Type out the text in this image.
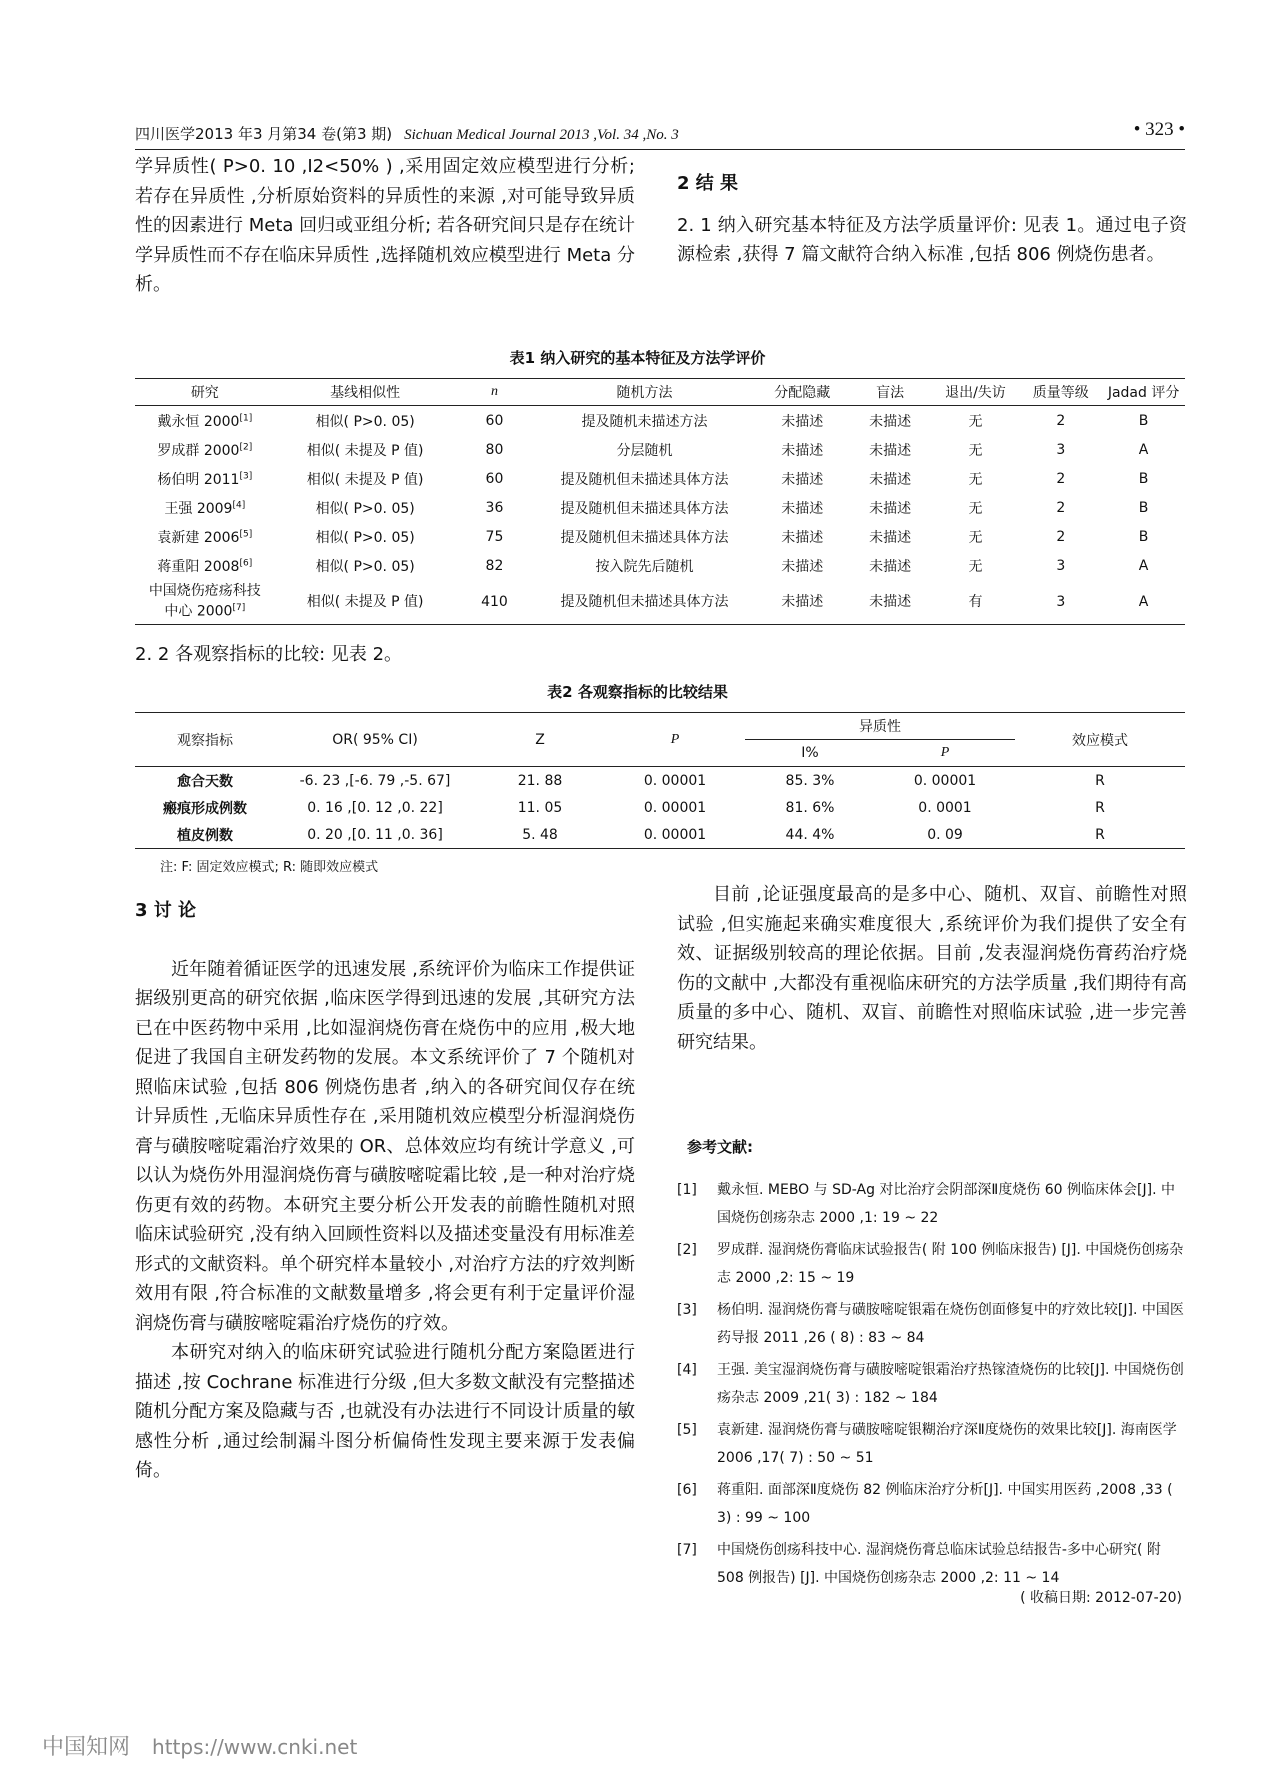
四川医学2013 年3 月第34 卷(第3 期) Sichuan Medical Journal 2013 ,Vol. 34 ,No. 3	• 323 •

学异质性( P>0. 10 ,I2<50% ) ,采用固定效应模型进行分析; 若存在异质性 ,分析原始资料的异质性的来源 ,对可能导致异质性的因素进行 Meta 回归或亚组分析; 若各研究间只是存在统计学异质性而不存在临床异质性 ,选择随机效应模型进行 Meta 分析。

2 结 果

2. 1 纳入研究基本特征及方法学质量评价: 见表 1。通过电子资源检索 ,获得 7 篇文献符合纳入标准 ,包括 806 例烧伤患者。

表1 纳入研究的基本特征及方法学评价
研究	基线相似性	n	随机方法	分配隐藏	盲法	退出/失访	质量等级	Jadad 评分
戴永恒 2000[1]	相似( P>0. 05)	60	提及随机未描述方法	未描述	未描述	无	2	B
罗成群 2000[2]	相似( 未提及 P 值)	80	分层随机	未描述	未描述	无	3	A
杨伯明 2011[3]	相似( 未提及 P 值)	60	提及随机但未描述具体方法	未描述	未描述	无	2	B
王强 2009[4]	相似( P>0. 05)	36	提及随机但未描述具体方法	未描述	未描述	无	2	B
袁新建 2006[5]	相似( P>0. 05)	75	提及随机但未描述具体方法	未描述	未描述	无	2	B
蒋重阳 2008[6]	相似( P>0. 05)	82	按入院先后随机	未描述	未描述	无	3	A
中国烧伤疮疡科技
中心 2000[7]	相似( 未提及 P 值)	410	提及随机但未描述具体方法	未描述	未描述	有	3	A

2. 2 各观察指标的比较: 见表 2。

表2 各观察指标的比较结果
观察指标	OR( 95% CI)	Z	P	异质性		效应模式
				I%	P	
愈合天数	-6. 23 ,[-6. 79 ,-5. 67]	21. 88	0. 00001	85. 3%	0. 00001	R
瘢痕形成例数	0. 16 ,[0. 12 ,0. 22]	11. 05	0. 00001	81. 6%	0. 0001	R
植皮例数	0. 20 ,[0. 11 ,0. 36]	5. 48	0. 00001	44. 4%	0. 09	R
注: F: 固定效应模式; R: 随即效应模式

3 讨 论

近年随着循证医学的迅速发展 ,系统评价为临床工作提供证据级别更高的研究依据 ,临床医学得到迅速的发展 ,其研究方法已在中医药物中采用 ,比如湿润烧伤膏在烧伤中的应用 ,极大地促进了我国自主研发药物的发展。本文系统评价了 7 个随机对照临床试验 ,包括 806 例烧伤患者 ,纳入的各研究间仅存在统计异质性 ,无临床异质性存在 ,采用随机效应模型分析湿润烧伤膏与磺胺嘧啶霜治疗效果的 OR、总体效应均有统计学意义 ,可以认为烧伤外用湿润烧伤膏与磺胺嘧啶霜比较 ,是一种对治疗烧伤更有效的药物。本研究主要分析公开发表的前瞻性随机对照临床试验研究 ,没有纳入回顾性资料以及描述变量没有用标准差形式的文献资料。单个研究样本量较小 ,对治疗方法的疗效判断效用有限 ,符合标准的文献数量增多 ,将会更有利于定量评价湿润烧伤膏与磺胺嘧啶霜治疗烧伤的疗效。

本研究对纳入的临床研究试验进行随机分配方案隐匿进行描述 ,按 Cochrane 标准进行分级 ,但大多数文献没有完整描述随机分配方案及隐藏与否 ,也就没有办法进行不同设计质量的敏感性分析 ,通过绘制漏斗图分析偏倚性发现主要来源于发表偏倚。

目前 ,论证强度最高的是多中心、随机、双盲、前瞻性对照试验 ,但实施起来确实难度很大 ,系统评价为我们提供了安全有效、证据级别较高的理论依据。目前 ,发表湿润烧伤膏药治疗烧伤的文献中 ,大都没有重视临床研究的方法学质量 ,我们期待有高质量的多中心、随机、双盲、前瞻性对照临床试验 ,进一步完善研究结果。

参考文献:
[1] 戴永恒. MEBO 与 SD-Ag 对比治疗会阴部深Ⅱ度烧伤 60 例临床体会[J]. 中国烧伤创疡杂志 2000 ,1: 19 ~ 22
[2] 罗成群. 湿润烧伤膏临床试验报告( 附 100 例临床报告) [J]. 中国烧伤创疡杂志 2000 ,2: 15 ~ 19
[3] 杨伯明. 湿润烧伤膏与磺胺嘧啶银霜在烧伤创面修复中的疗效比较[J]. 中国医药导报 2011 ,26 ( 8) : 83 ~ 84
[4] 王强. 美宝湿润烧伤膏与磺胺嘧啶银霜治疗热镓渣烧伤的比较[J]. 中国烧伤创疡杂志 2009 ,21( 3) : 182 ~ 184
[5] 袁新建. 湿润烧伤膏与磺胺嘧啶银糊治疗深Ⅱ度烧伤的效果比较[J]. 海南医学 2006 ,17( 7) : 50 ~ 51
[6] 蒋重阳. 面部深Ⅱ度烧伤 82 例临床治疗分析[J]. 中国实用医药 ,2008 ,33 ( 3) : 99 ~ 100
[7] 中国烧伤创疡科技中心. 湿润烧伤膏总临床试验总结报告-多中心研究( 附 508 例报告) [J]. 中国烧伤创疡杂志 2000 ,2: 11 ~ 14
( 收稿日期: 2012-07-20)
中国知网 https://www.cnki.net
